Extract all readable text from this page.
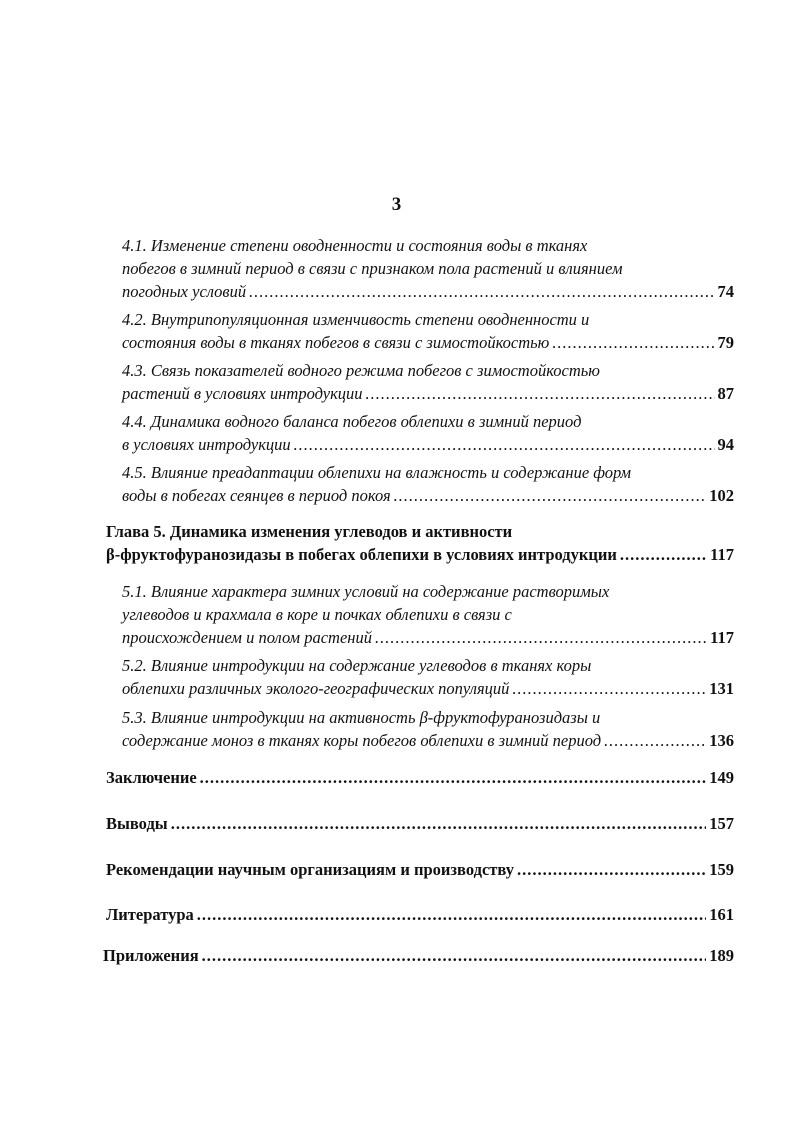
3
4.1. Изменение степени оводненности и состояния воды в тканях
побегов в зимний период в связи с признаком пола растений и влиянием
погодных условий .....	74
4.2. Внутрипопуляционная изменчивость степени оводненности и
состояния воды в тканях побегов в связи с зимостойкостью .....	79
4.3. Связь показателей водного режима побегов с зимостойкостью
растений в условиях интродукции .....	87
4.4. Динамика водного баланса побегов облепихи в зимний период
в условиях интродукции .....	94
4.5. Влияние преадаптации облепихи на влажность и содержание форм
воды в побегах сеянцев в период покоя .....	102
Глава 5. Динамика изменения углеводов и активности
β-фруктофуранозидазы в побегах облепихи в условиях интродукции .....	117
5.1. Влияние характера зимних условий на содержание растворимых
углеводов и крахмала в коре и почках облепихи в связи с
происхождением и полом растений .....	117
5.2. Влияние интродукции на содержание углеводов в тканях коры
облепихи различных эколого-географических популяций .....	131
5.3. Влияние интродукции на активность β-фруктофуранозидазы и
содержание моноз в тканях коры побегов облепихи в зимний период .....	136
Заключение .....	149
Выводы .....	157
Рекомендации научным организациям и производству .....	159
Литература .....	161
Приложения .....	189
